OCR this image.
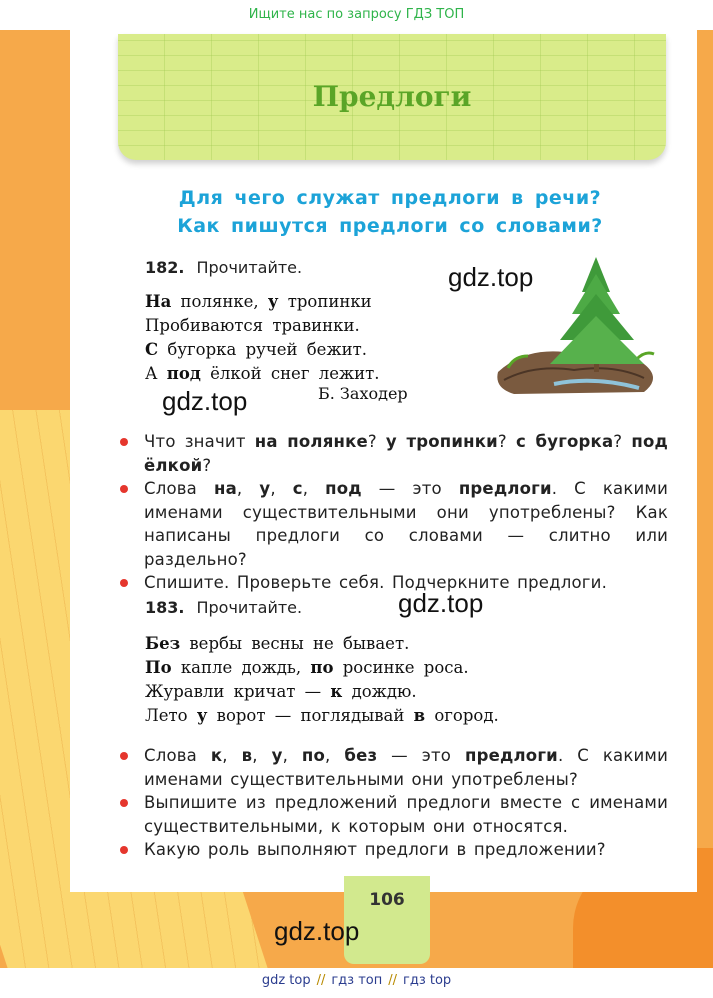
Ищите нас по запросу ГДЗ ТОП
Предлоги
Для чего служат предлоги в речи?
Как пишутся предлоги со словами?
182. Прочитайте.
На полянке, у тропинки
Пробиваются травинки.
С бугорка ручей бежит.
А под ёлкой снег лежит.
Б. Заходер
gdz.top
gdz.top
Что значит на полянке? у тропинки? с бугорка? под ёлкой?
Слова на, у, с, под — это предлоги. С какими именами существительными они употреблены? Как написаны предлоги со словами — слитно или раздельно?
Спишите. Проверьте себя. Подчеркните предлоги.
183. Прочитайте.	gdz.top
Без вербы весны не бывает.
По капле дождь, по росинке роса.
Журавли кричат — к дождю.
Лето у ворот — поглядывай в огород.
Слова к, в, у, по, без — это предлоги. С какими именами существительными они употреблены?
Выпишите из предложений предлоги вместе с именами существительными, к которым они относятся.
Какую роль выполняют предлоги в предложении?
106
gdz.top
gdz top // гдз топ // гдз top
